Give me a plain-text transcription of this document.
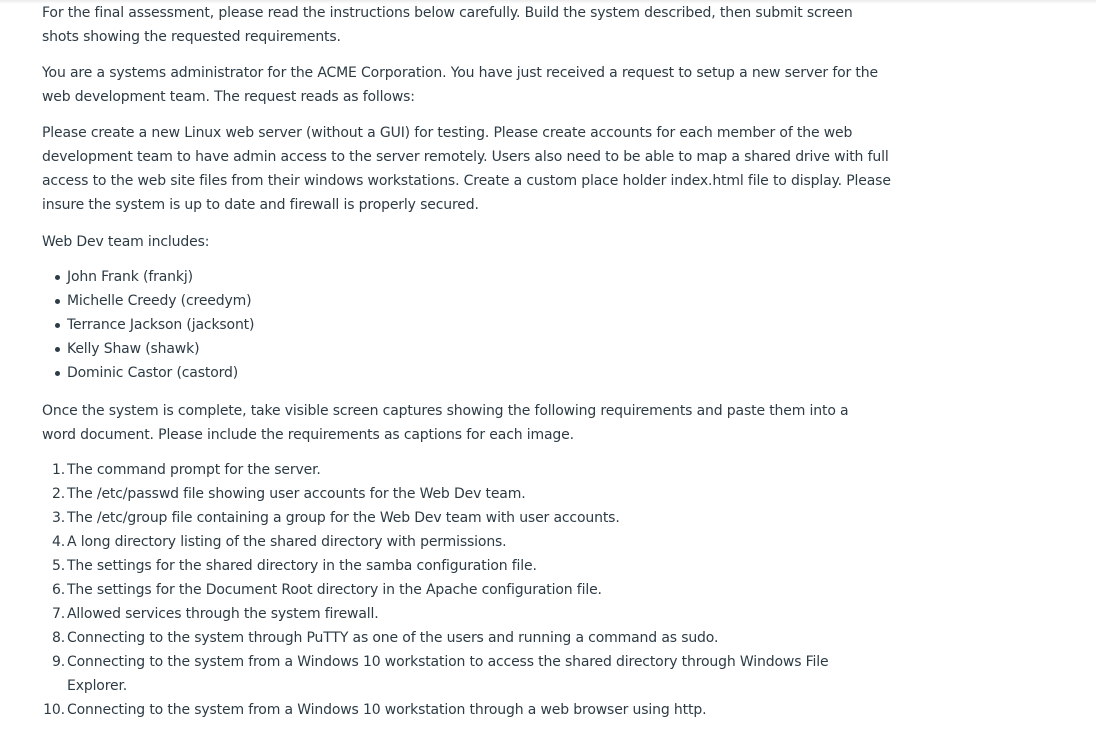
For the final assessment, please read the instructions below carefully. Build the system described, then submit screen shots showing the requested requirements.

You are a systems administrator for the ACME Corporation. You have just received a request to setup a new server for the web development team. The request reads as follows:

Please create a new Linux web server (without a GUI) for testing. Please create accounts for each member of the web development team to have admin access to the server remotely. Users also need to be able to map a shared drive with full access to the web site files from their windows workstations. Create a custom place holder index.html file to display. Please insure the system is up to date and firewall is properly secured.

Web Dev team includes:

John Frank (frankj)
Michelle Creedy (creedym)
Terrance Jackson (jacksont)
Kelly Shaw (shawk)
Dominic Castor (castord)

Once the system is complete, take visible screen captures showing the following requirements and paste them into a word document. Please include the requirements as captions for each image.

1. The command prompt for the server.
2. The /etc/passwd file showing user accounts for the Web Dev team.
3. The /etc/group file containing a group for the Web Dev team with user accounts.
4. A long directory listing of the shared directory with permissions.
5. The settings for the shared directory in the samba configuration file.
6. The settings for the Document Root directory in the Apache configuration file.
7. Allowed services through the system firewall.
8. Connecting to the system through PuTTY as one of the users and running a command as sudo.
9. Connecting to the system from a Windows 10 workstation to access the shared directory through Windows File Explorer.
10. Connecting to the system from a Windows 10 workstation through a web browser using http.
